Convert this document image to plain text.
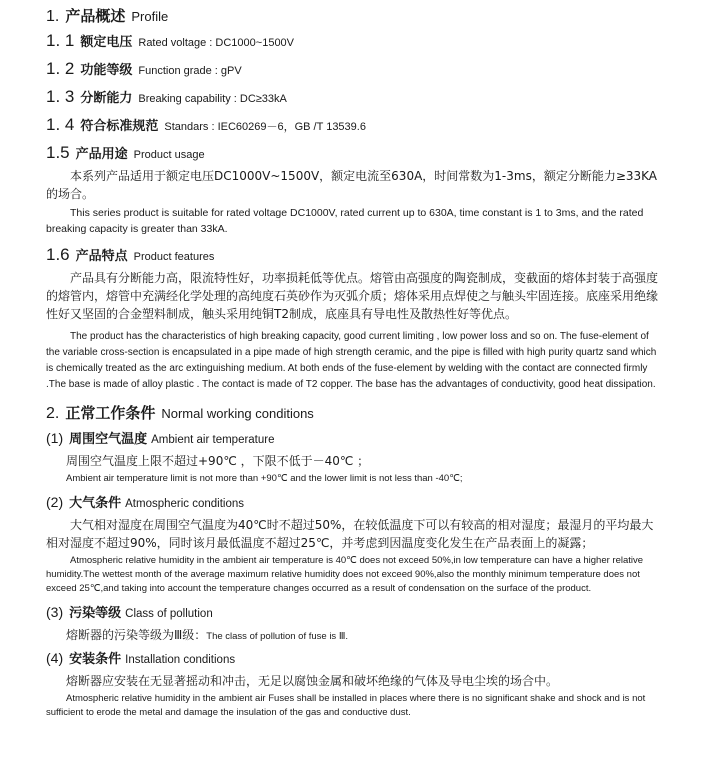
1. 产品概述 Profile
1. 1 额定电压 Rated voltage : DC1000~1500V
1. 2 功能等级 Function grade : gPV
1. 3 分断能力 Breaking capability : DC≥33kA
1. 4 符合标准规范 Standars : IEC60269－6，GB /T 13539.6
1.5 产品用途 Product usage

本系列产品适用于额定电压DC1000V~1500V，额定电流至630A，时间常数为1-3ms，额定分断能力≥33KA 的场合。

This series product is suitable for rated voltage DC1000V, rated current up to 630A, time constant is 1 to 3ms, and the rated breaking capacity is greater than 33kA.

1.6 产品特点 Product features

产品具有分断能力高，限流特性好，功率损耗低等优点。熔管由高强度的陶瓷制成，变截面的熔体封装于高强度的熔管内，熔管中充满经化学处理的高纯度石英砂作为灭弧介质；熔体采用点焊使之与触头牢固连接。底座采用绝缘性好又坚固的合金塑料制成，触头采用纯铜T2制成，底座具有导电性及散热性好等优点。

The product has the characteristics of high breaking capacity, good current limiting , low power loss and so on. The fuse-element of the variable cross-section is encapsulated in a pipe made of high strength ceramic, and the pipe is filled with high purity quartz sand which is chemically treated as the arc extinguishing medium. At both ends of the fuse-element by welding with the contact are connected firmly .The base is made of alloy plastic . The contact is made of T2 copper. The base has the advantages of conductivity, good heat dissipation.

2. 正常工作条件 Normal working conditions
(1) 周围空气温度 Ambient air temperature

周围空气温度上限不超过+90℃ ，下限不低于－40℃ ；

Ambient air temperature limit is not more than +90℃ and the lower limit is not less than -40℃;

(2) 大气条件 Atmospheric conditions

大气相对湿度在周围空气温度为40℃时不超过50%，在较低温度下可以有较高的相对湿度；最湿月的平均最大相对湿度不超过90%，同时该月最低温度不超过25℃，并考虑到因温度变化发生在产品表面上的凝露；

Atmospheric relative humidity in the ambient air temperature is 40℃ does not exceed 50%,in low temperature can have a higher relative humidity.The wettest month of the average maximum relative humidity does not exceed 90%,also the monthly minimum temperature does not exceed 25℃,and taking into account the temperature changes occurred as a result of condensation on the surface of the product.

(3) 污染等级 Class of pollution

熔断器的污染等级为Ⅲ级：The class of pollution of fuse is Ⅲ.

(4) 安装条件 Installation conditions

熔断器应安装在无显著摇动和冲击，无足以腐蚀金属和破坏绝缘的气体及导电尘埃的场合中。

Atmospheric relative humidity in the ambient air Fuses shall be installed in places where there is no significant shake and shock and is not sufficient to erode the metal and damage the insulation of the gas and conductive dust.
